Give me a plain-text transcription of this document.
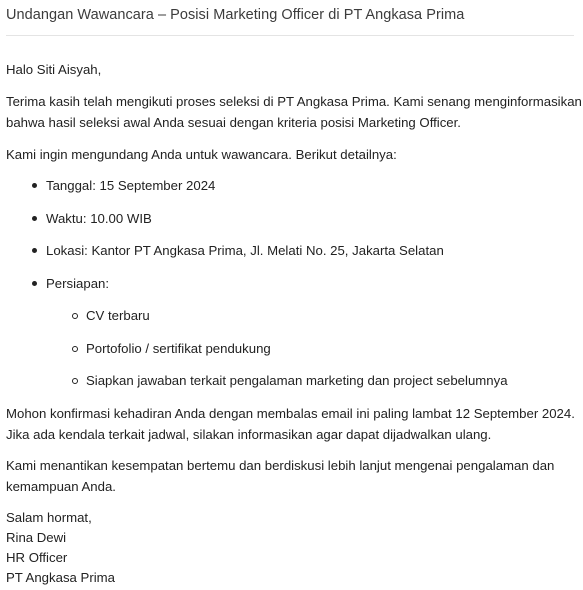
Undangan Wawancara – Posisi Marketing Officer di PT Angkasa Prima
Halo Siti Aisyah,
Terima kasih telah mengikuti proses seleksi di PT Angkasa Prima. Kami senang menginformasikan
bahwa hasil seleksi awal Anda sesuai dengan kriteria posisi Marketing Officer.
Kami ingin mengundang Anda untuk wawancara. Berikut detailnya:
Tanggal: 15 September 2024
Waktu: 10.00 WIB
Lokasi: Kantor PT Angkasa Prima, Jl. Melati No. 25, Jakarta Selatan
Persiapan:
CV terbaru
Portofolio / sertifikat pendukung
Siapkan jawaban terkait pengalaman marketing dan project sebelumnya
Mohon konfirmasi kehadiran Anda dengan membalas email ini paling lambat 12 September 2024.
Jika ada kendala terkait jadwal, silakan informasikan agar dapat dijadwalkan ulang.
Kami menantikan kesempatan bertemu dan berdiskusi lebih lanjut mengenai pengalaman dan
kemampuan Anda.
Salam hormat,
Rina Dewi
HR Officer
PT Angkasa Prima
